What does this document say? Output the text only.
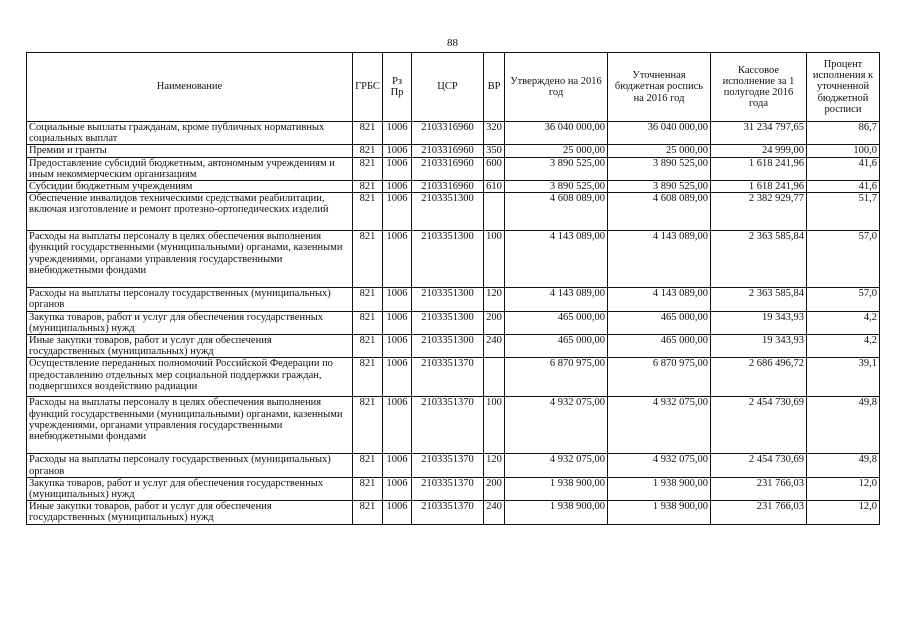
88
Наименование	ГРБС	Рз Пр	ЦСР	ВР	Утверждено на 2016 год	Уточненная бюджетная роспись на 2016 год	Кассовое исполнение за 1 полугодие 2016 года	Процент исполнения к уточненной бюджетной росписи
Социальные выплаты гражданам, кроме публичных нормативных социальных выплат	821	1006	2103316960	320	36 040 000,00	36 040 000,00	31 234 797,65	86,7
Премии и гранты	821	1006	2103316960	350	25 000,00	25 000,00	24 999,00	100,0
Предоставление субсидий бюджетным, автономным учреждениям и иным некоммерческим организациям	821	1006	2103316960	600	3 890 525,00	3 890 525,00	1 618 241,96	41,6
Субсидии бюджетным учреждениям	821	1006	2103316960	610	3 890 525,00	3 890 525,00	1 618 241,96	41,6
Обеспечение инвалидов техническими средствами реабилитации, включая изготовление и ремонт протезно-ортопедических изделий	821	1006	2103351300		4 608 089,00	4 608 089,00	2 382 929,77	51,7
Расходы на выплаты персоналу в целях обеспечения выполнения функций государственными (муниципальными) органами, казенными учреждениями, органами управления государственными внебюджетными фондами	821	1006	2103351300	100	4 143 089,00	4 143 089,00	2 363 585,84	57,0
Расходы на выплаты персоналу государственных (муниципальных) органов	821	1006	2103351300	120	4 143 089,00	4 143 089,00	2 363 585,84	57,0
Закупка товаров, работ и услуг для обеспечения государственных (муниципальных) нужд	821	1006	2103351300	200	465 000,00	465 000,00	19 343,93	4,2
Иные закупки товаров, работ и услуг для обеспечения государственных (муниципальных) нужд	821	1006	2103351300	240	465 000,00	465 000,00	19 343,93	4,2
Осуществление переданных полномочий Российской Федерации по предоставлению отдельных мер социальной поддержки граждан, подвергшихся воздействию радиации	821	1006	2103351370		6 870 975,00	6 870 975,00	2 686 496,72	39,1
Расходы на выплаты персоналу в целях обеспечения выполнения функций государственными (муниципальными) органами, казенными учреждениями, органами управления государственными внебюджетными фондами	821	1006	2103351370	100	4 932 075,00	4 932 075,00	2 454 730,69	49,8
Расходы на выплаты персоналу государственных (муниципальных) органов	821	1006	2103351370	120	4 932 075,00	4 932 075,00	2 454 730,69	49,8
Закупка товаров, работ и услуг для обеспечения государственных (муниципальных) нужд	821	1006	2103351370	200	1 938 900,00	1 938 900,00	231 766,03	12,0
Иные закупки товаров, работ и услуг для обеспечения государственных (муниципальных) нужд	821	1006	2103351370	240	1 938 900,00	1 938 900,00	231 766,03	12,0
